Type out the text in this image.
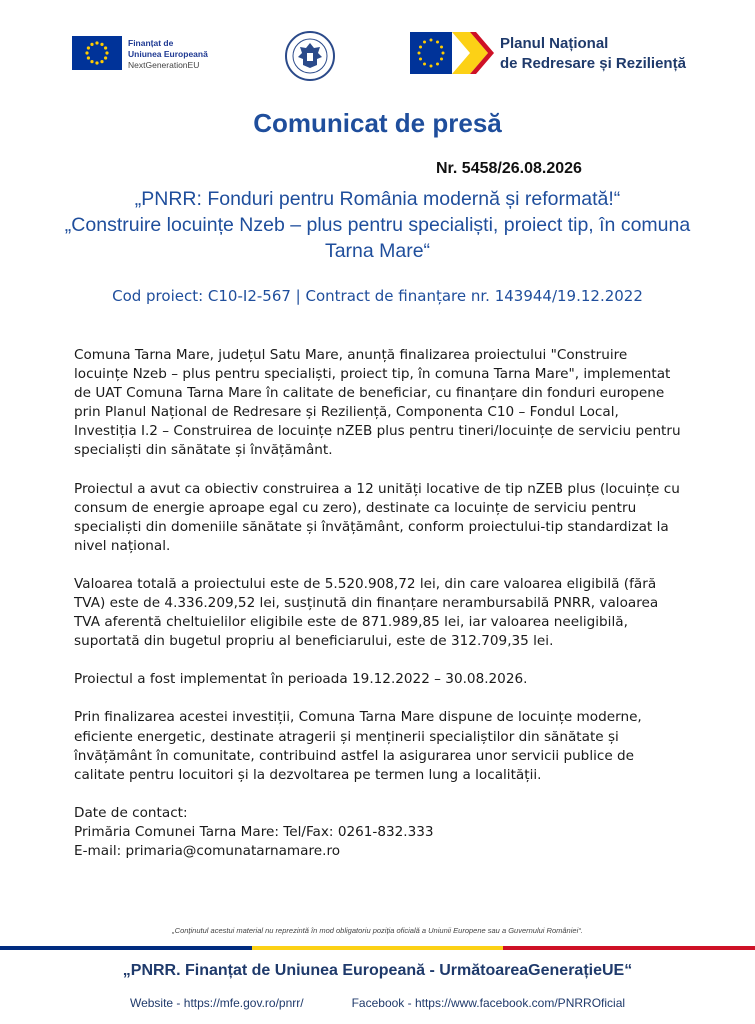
Finanțat de
Uniunea Europeană
NextGenerationEU
Planul Național
de Redresare și Reziliență
Comunicat de presă
Nr. 5458/26.08.2026
„PNRR: Fonduri pentru România modernă și reformată!“
„Construire locuințe Nzeb – plus pentru specialiști, proiect tip, în comuna Tarna Mare“
Cod proiect: C10-I2-567 | Contract de finanțare nr. 143944/19.12.2022

Comuna Tarna Mare, județul Satu Mare, anunță finalizarea proiectului "Construire locuințe Nzeb – plus pentru specialiști, proiect tip, în comuna Tarna Mare", implementat de UAT Comuna Tarna Mare în calitate de beneficiar, cu finanțare din fonduri europene prin Planul Național de Redresare și Reziliență, Componenta C10 – Fondul Local, Investiția I.2 – Construirea de locuințe nZEB plus pentru tineri/locuințe de serviciu pentru specialiști din sănătate și învățământ.

Proiectul a avut ca obiectiv construirea a 12 unități locative de tip nZEB plus (locuințe cu consum de energie aproape egal cu zero), destinate ca locuințe de serviciu pentru specialiști din domeniile sănătate și învățământ, conform proiectului-tip standardizat la nivel național.

Valoarea totală a proiectului este de 5.520.908,72 lei, din care valoarea eligibilă (fără TVA) este de 4.336.209,52 lei, susținută din finanțare nerambursabilă PNRR, valoarea TVA aferentă cheltuielilor eligibile este de 871.989,85 lei, iar valoarea neeligibilă, suportată din bugetul propriu al beneficiarului, este de 312.709,35 lei.

Proiectul a fost implementat în perioada 19.12.2022 – 30.08.2026.

Prin finalizarea acestei investiții, Comuna Tarna Mare dispune de locuințe moderne, eficiente energetic, destinate atragerii și menținerii specialiștilor din sănătate și învățământ în comunitate, contribuind astfel la asigurarea unor servicii publice de calitate pentru locuitori și la dezvoltarea pe termen lung a localității.

Date de contact:

Primăria Comunei Tarna Mare: Tel/Fax: 0261-832.333

E-mail: primaria@comunatarnamare.ro

„Conținutul acestui material nu reprezintă în mod obligatoriu poziția oficială a Uniunii Europene sau a Guvernului României“.
„PNRR. Finanțat de Uniunea Europeană - UrmătoareaGenerațieUE“
Website - https://mfe.gov.ro/pnrr/	Facebook - https://www.facebook.com/PNRROficial
